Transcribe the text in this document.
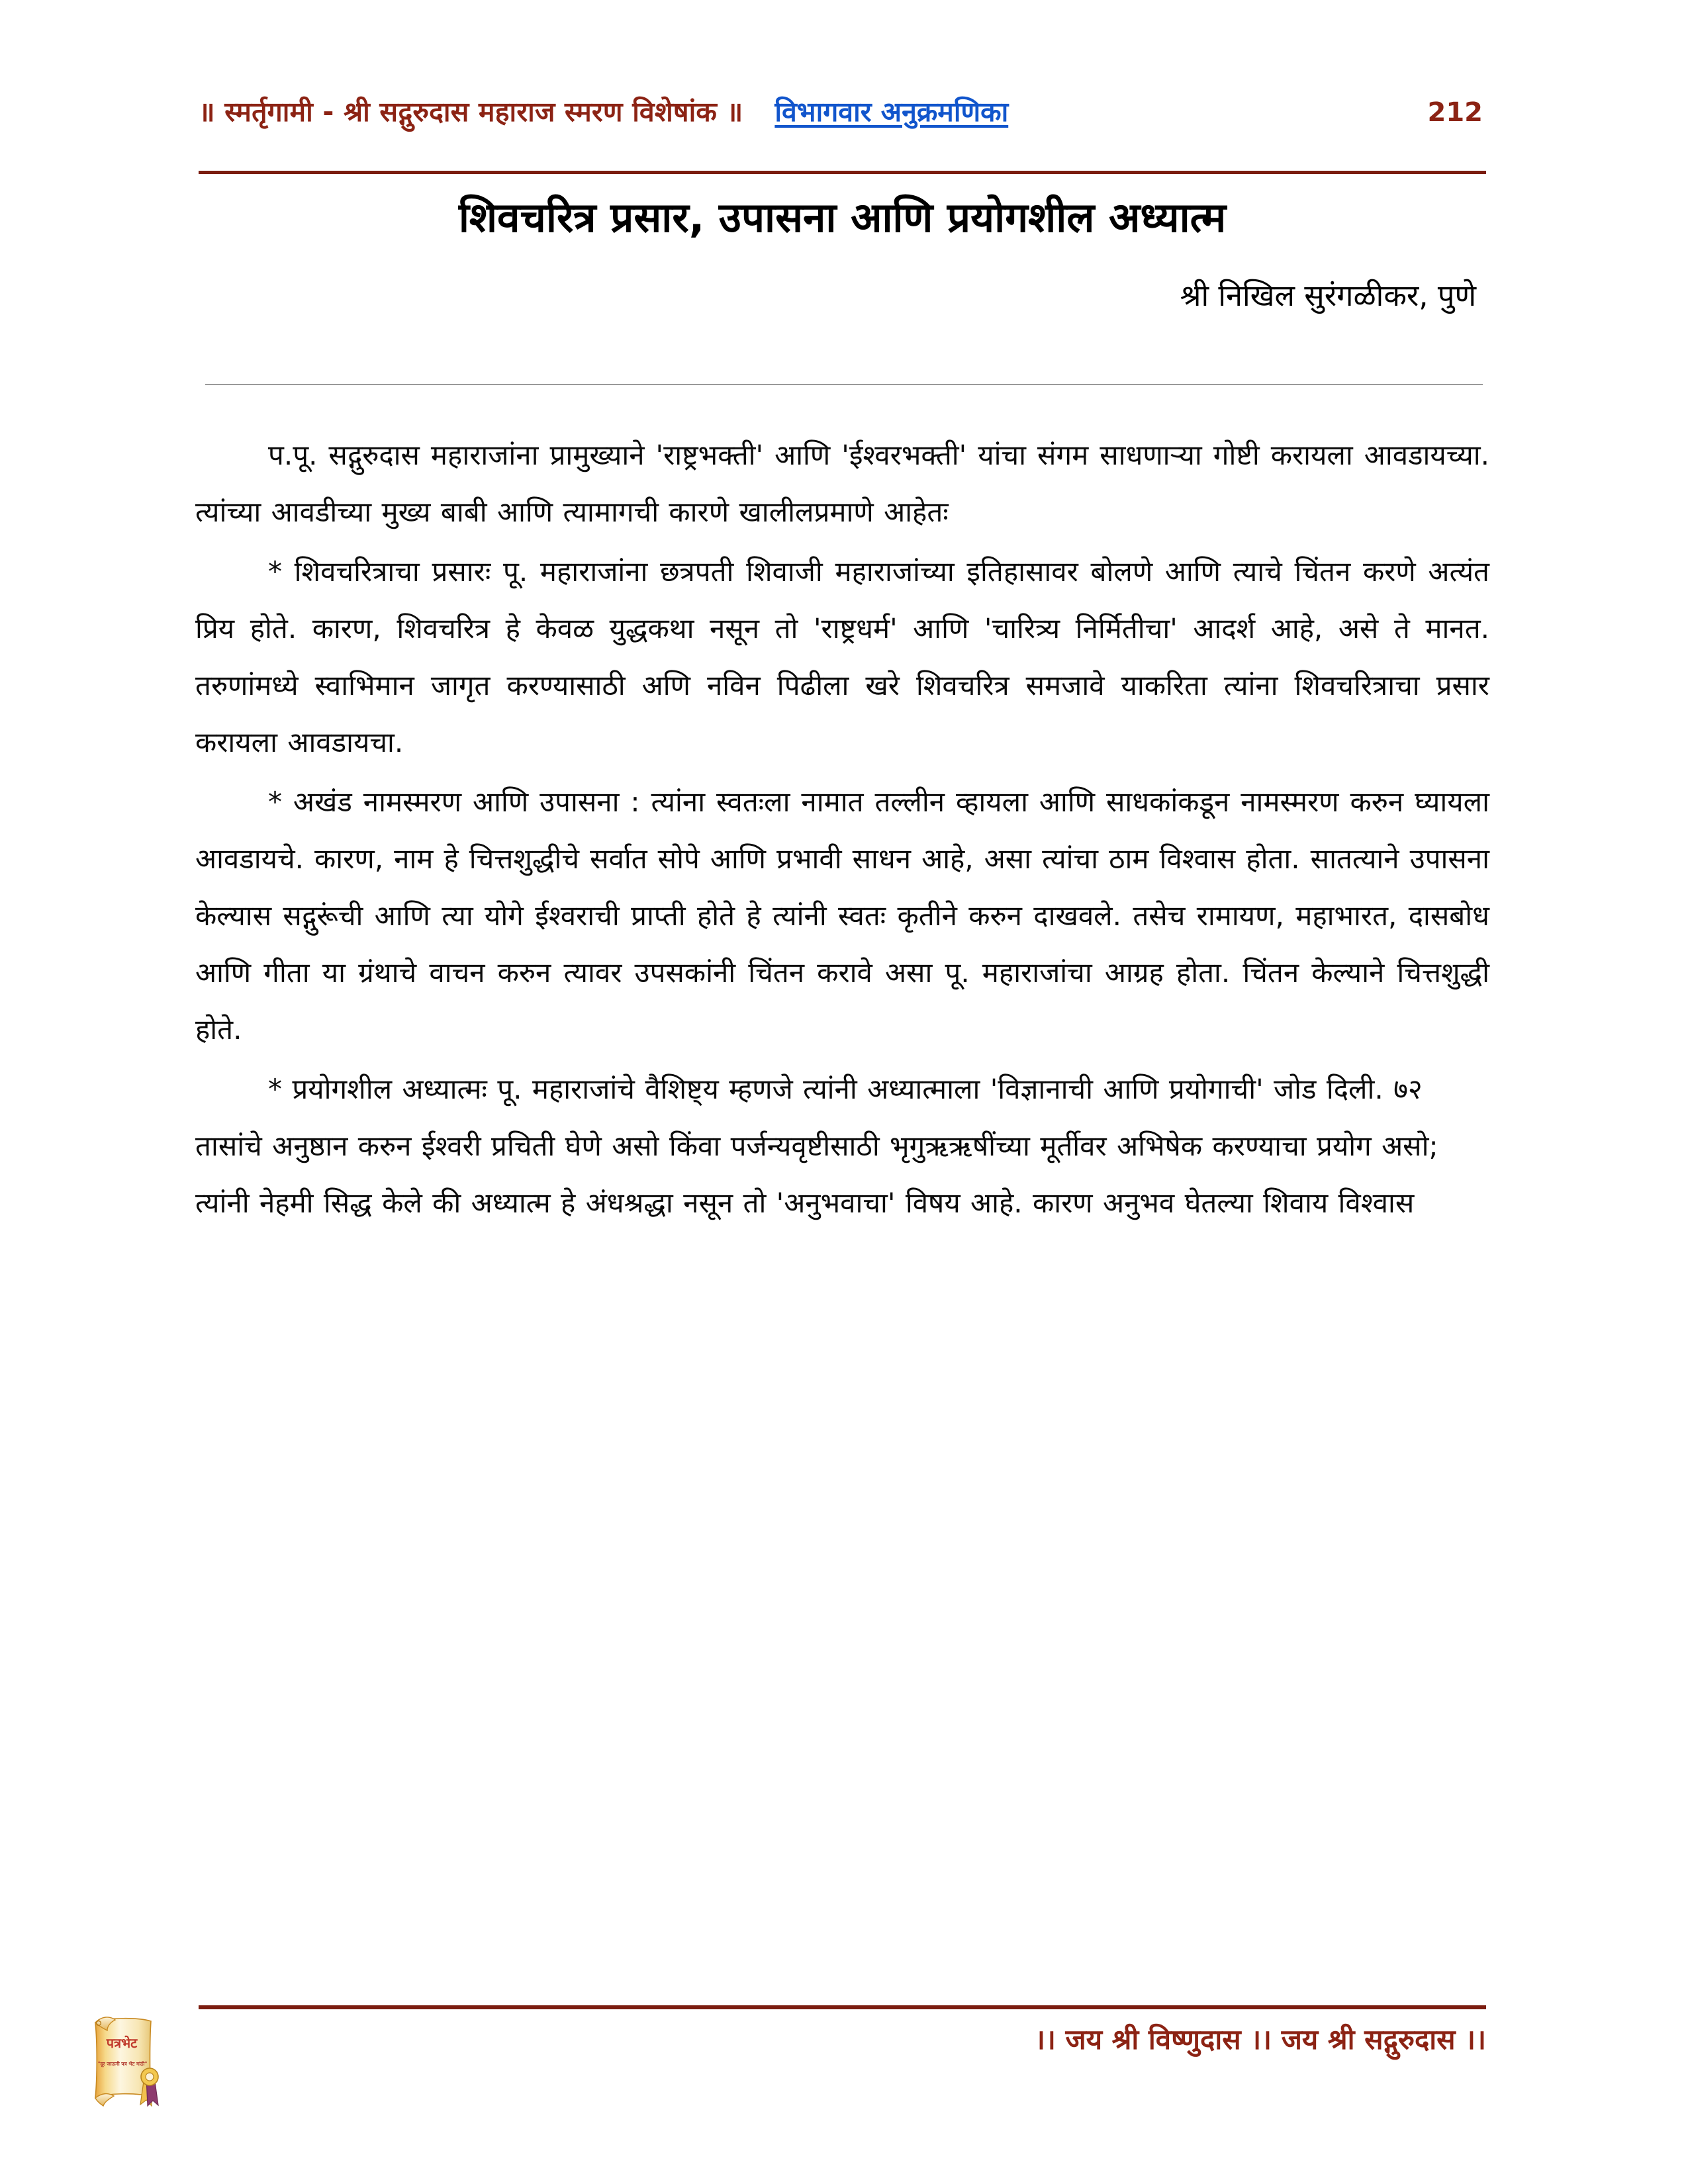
॥ स्मर्तृगामी - श्री सद्गुरुदास महाराज स्मरण विशेषांक ॥ विभागवार अनुक्रमणिका	212
शिवचरित्र प्रसार, उपासना आणि प्रयोगशील अध्यात्म
श्री निखिल सुरंगळीकर, पुणे

प.पू. सद्गुरुदास महाराजांना प्रामुख्याने 'राष्ट्रभक्ती' आणि 'ईश्वरभक्ती' यांचा संगम साधणाऱ्या गोष्टी करायला आवडायच्या. त्यांच्या आवडीच्या मुख्य बाबी आणि त्यामागची कारणे खालीलप्रमाणे आहेतः

* शिवचरित्राचा प्रसारः पू. महाराजांना छत्रपती शिवाजी महाराजांच्या इतिहासावर बोलणे आणि त्याचे चिंतन करणे अत्यंत प्रिय होते. कारण, शिवचरित्र हे केवळ युद्धकथा नसून तो 'राष्ट्रधर्म' आणि 'चारित्र्य निर्मितीचा' आदर्श आहे, असे ते मानत. तरुणांमध्ये स्वाभिमान जागृत करण्यासाठी अणि नविन पिढीला खरे शिवचरित्र समजावे याकरिता त्यांना शिवचरित्राचा प्रसार करायला आवडायचा.

* अखंड नामस्मरण आणि उपासना : त्यांना स्वतःला नामात तल्लीन व्हायला आणि साधकांकडून नामस्मरण करुन घ्यायला आवडायचे. कारण, नाम हे चित्तशुद्धीचे सर्वात सोपे आणि प्रभावी साधन आहे, असा त्यांचा ठाम विश्वास होता. सातत्याने उपासना केल्यास सद्गुरूंची आणि त्या योगे ईश्वराची प्राप्ती होते हे त्यांनी स्वतः कृतीने करुन दाखवले. तसेच रामायण, महाभारत, दासबोध आणि गीता या ग्रंथाचे वाचन करुन त्यावर उपसकांनी चिंतन करावे असा पू. महाराजांचा आग्रह होता. चिंतन केल्याने चित्तशुद्धी होते.

* प्रयोगशील अध्यात्मः पू. महाराजांचे वैशिष्ट्य म्हणजे त्यांनी अध्यात्माला 'विज्ञानाची आणि प्रयोगाची' जोड दिली. ७२ तासांचे अनुष्ठान करुन ईश्वरी प्रचिती घेणे असो किंवा पर्जन्यवृष्टीसाठी भृगुऋऋषींच्या मूर्तीवर अभिषेक करण्याचा प्रयोग असो; त्यांनी नेहमी सिद्ध केले की अध्यात्म हे अंधश्रद्धा नसून तो 'अनुभवाचा' विषय आहे. कारण अनुभव घेतल्या शिवाय विश्वास

।। जय श्री विष्णुदास ।। जय श्री सद्गुरुदास ।।
पत्रभेट
"दूर जाऊनी पत्र भेट गांठी"
